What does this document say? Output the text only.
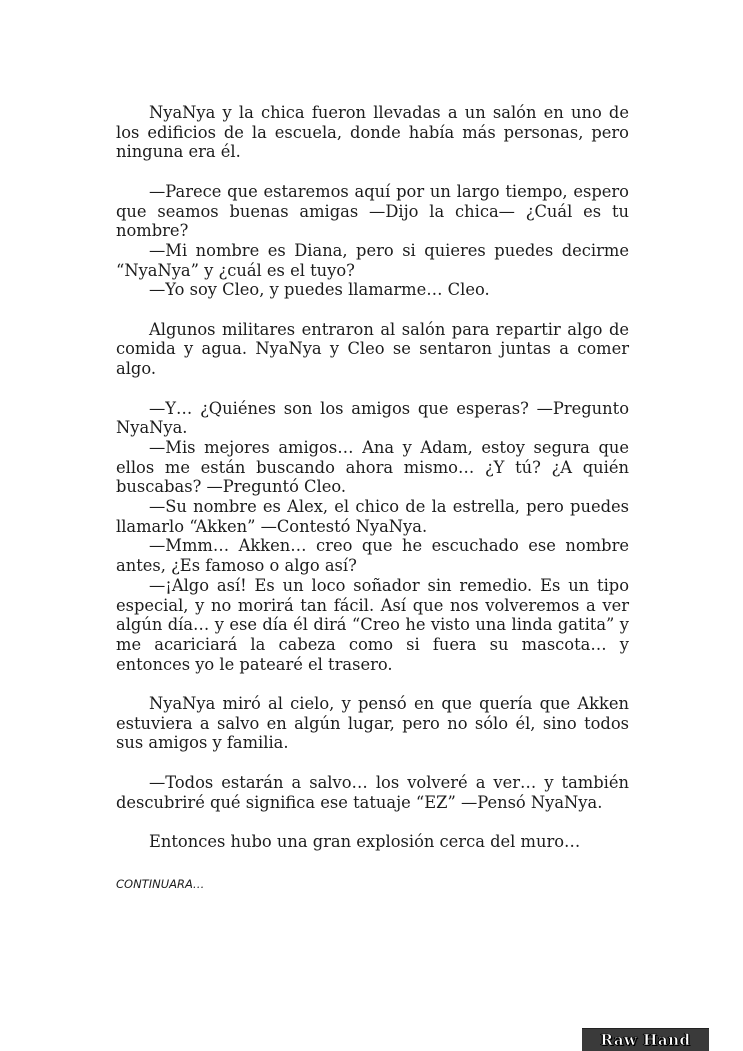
NyaNya y la chica fueron llevadas a un salón en uno de los edificios de la escuela, donde había más personas, pero ninguna era él.

—Parece que estaremos aquí por un largo tiempo, espero que seamos buenas amigas —Dijo la chica— ¿Cuál es tu nombre?

—Mi nombre es Diana, pero si quieres puedes decirme “NyaNya” y ¿cuál es el tuyo?

—Yo soy Cleo, y puedes llamarme… Cleo.

Algunos militares entraron al salón para repartir algo de comida y agua. NyaNya y Cleo se sentaron juntas a comer algo.

—Y… ¿Quiénes son los amigos que esperas? —Pregunto NyaNya.

—Mis mejores amigos… Ana y Adam, estoy segura que ellos me están buscando ahora mismo… ¿Y tú? ¿A quién buscabas? —Preguntó Cleo.

—Su nombre es Alex, el chico de la estrella, pero puedes llamarlo “Akken” —Contestó NyaNya.

—Mmm… Akken… creo que he escuchado ese nombre antes, ¿Es famoso o algo así?

—¡Algo así! Es un loco soñador sin remedio. Es un tipo especial, y no morirá tan fácil. Así que nos volveremos a ver algún día… y ese día él dirá “Creo he visto una linda gatita” y me acariciará la cabeza como si fuera su mascota… y entonces yo le patearé el trasero.

NyaNya miró al cielo, y pensó en que quería que Akken estuviera a salvo en algún lugar, pero no sólo él, sino todos sus amigos y familia.

—Todos estarán a salvo… los volveré a ver… y también descubriré qué significa ese tatuaje “EZ” —Pensó NyaNya.

Entonces hubo una gran explosión cerca del muro…

CONTINUARA…
Raw Hand
